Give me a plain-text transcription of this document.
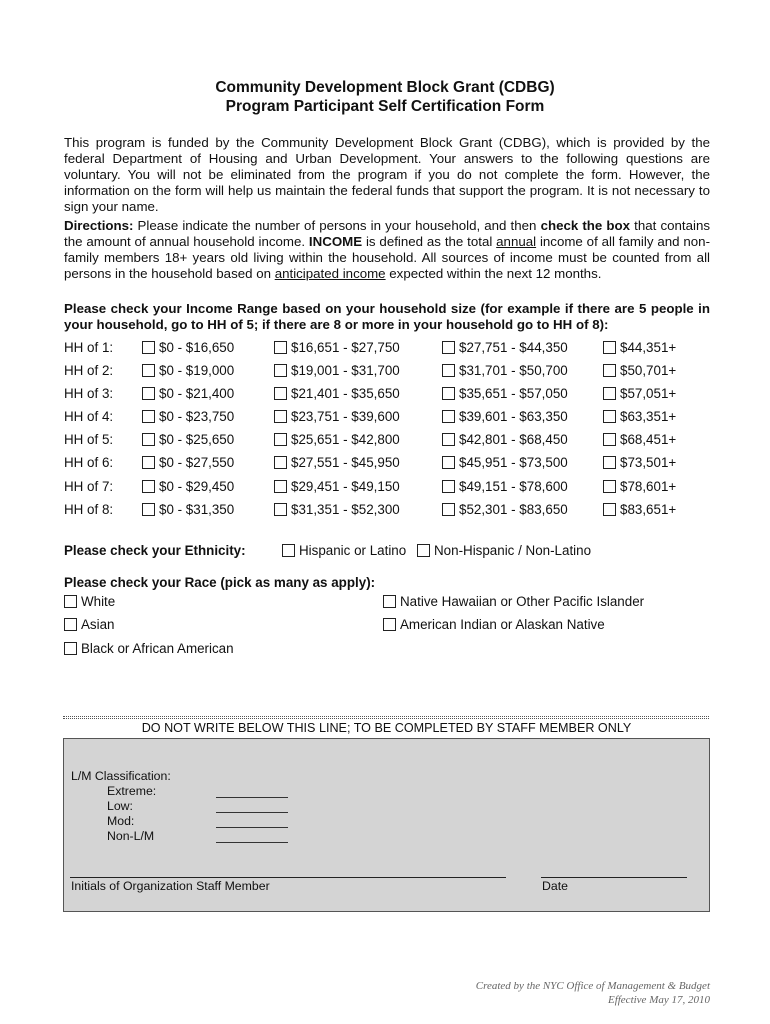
Community Development Block Grant (CDBG)
Program Participant Self Certification Form
This program is funded by the Community Development Block Grant (CDBG), which is provided by the federal Department of Housing and Urban Development. Your answers to the following questions are voluntary. You will not be eliminated from the program if you do not complete the form. However, the information on the form will help us maintain the federal funds that support the program. It is not necessary to sign your name.
Directions: Please indicate the number of persons in your household, and then check the box that contains the amount of annual household income. INCOME is defined as the total annual income of all family and non-family members 18+ years old living within the household. All sources of income must be counted from all persons in the household based on anticipated income expected within the next 12 months.
Please check your Income Range based on your household size (for example if there are 5 people in your household, go to HH of 5; if there are 8 or more in your household go to HH of 8):
HH of 1:	$0 - $16,650	$16,651 - $27,750	$27,751 - $44,350	$44,351+
HH of 2:	$0 - $19,000	$19,001 - $31,700	$31,701 - $50,700	$50,701+
HH of 3:	$0 - $21,400	$21,401 - $35,650	$35,651 - $57,050	$57,051+
HH of 4:	$0 - $23,750	$23,751 - $39,600	$39,601 - $63,350	$63,351+
HH of 5:	$0 - $25,650	$25,651 - $42,800	$42,801 - $68,450	$68,451+
HH of 6:	$0 - $27,550	$27,551 - $45,950	$45,951 - $73,500	$73,501+
HH of 7:	$0 - $29,450	$29,451 - $49,150	$49,151 - $78,600	$78,601+
HH of 8:	$0 - $31,350	$31,351 - $52,300	$52,301 - $83,650	$83,651+
Please check your Ethnicity:	Hispanic or Latino	Non-Hispanic / Non-Latino
Please check your Race (pick as many as apply):
White
Asian
Black or African American
Native Hawaiian or Other Pacific Islander
American Indian or Alaskan Native
DO NOT WRITE BELOW THIS LINE; TO BE COMPLETED BY STAFF MEMBER ONLY
L/M Classification:
Extreme:
Low:
Mod:
Non-L/M
Initials of Organization Staff Member	Date
Created by the NYC Office of Management & Budget
Effective May 17, 2010
